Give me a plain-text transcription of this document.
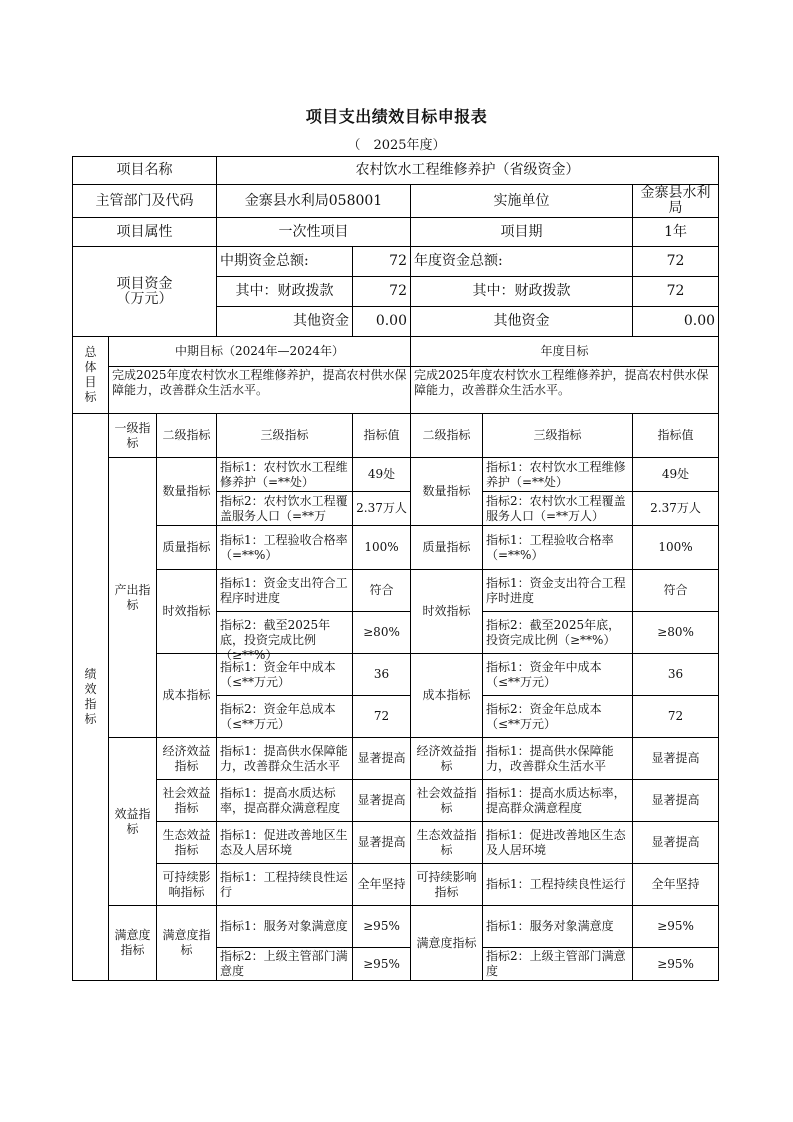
项目支出绩效目标申报表
（　2025年度）
项目名称			农村饮水工程维修养护（省级资金）				
主管部门及代码			金寨县水利局058001		实施单位		金寨县水利局
项目属性			一次性项目		项目期		1年
项目资金
（万元）			中期资金总额:	72	年度资金总额:		72
			其中：财政拨款	72	其中：财政拨款		72
			其他资金	0.00	其他资金		0.00
总
体
目
标	中期目标（2024年—2024年）				年度目标		
	完成2025年度农村饮水工程维修养护，提高农村供水保障能力，改善群众生活水平。				完成2025年度农村饮水工程维修养护，提高农村供水保障能力，改善群众生活水平。		
绩
效
指
标	一级指标	二级指标	三级指标	指标值	二级指标	三级指标	指标值
	产出指标	数量指标	指标1：农村饮水工程维修养护（=**处）	49处	数量指标	指标1：农村饮水工程维修养护（=**处）	49处
			指标2：农村饮水工程覆盖服务人口（=**万	2.37万人		指标2：农村饮水工程覆盖服务人口（=**万人）	2.37万人
		质量指标	指标1：工程验收合格率（=**%）	100%	质量指标	指标1：工程验收合格率（=**%）	100%
		时效指标	指标1：资金支出符合工程序时进度	符合	时效指标	指标1：资金支出符合工程序时进度	符合

			指标2：截至2025年底，投资完成比例（≥**%）	≥80%		指标2：截至2025年底，投资完成比例（≥**%）	≥80%
		成本指标	指标1：资金年中成本（≤**万元）	36	成本指标	指标1：资金年中成本（≤**万元）	36
			指标2：资金年总成本（≤**万元）	72		指标2：资金年总成本（≤**万元）	72
	效益指标	经济效益指标	指标1：提高供水保障能力，改善群众生活水平	显著提高	经济效益指标	指标1：提高供水保障能力，改善群众生活水平	显著提高
		社会效益指标	指标1：提高水质达标率，提高群众满意程度	显著提高	社会效益指标	指标1：提高水质达标率，提高群众满意程度	显著提高
		生态效益指标	指标1：促进改善地区生态及人居环境	显著提高	生态效益指标	指标1：促进改善地区生态及人居环境	显著提高
		可持续影响指标	指标1：工程持续良性运行	全年坚持	可持续影响指标	指标1：工程持续良性运行	全年坚持
	满意度指标	满意度指标	指标1：服务对象满意度	≥95%	满意度指标	指标1：服务对象满意度	≥95%
			指标2：上级主管部门满意度	≥95%		指标2：上级主管部门满意度	≥95%
